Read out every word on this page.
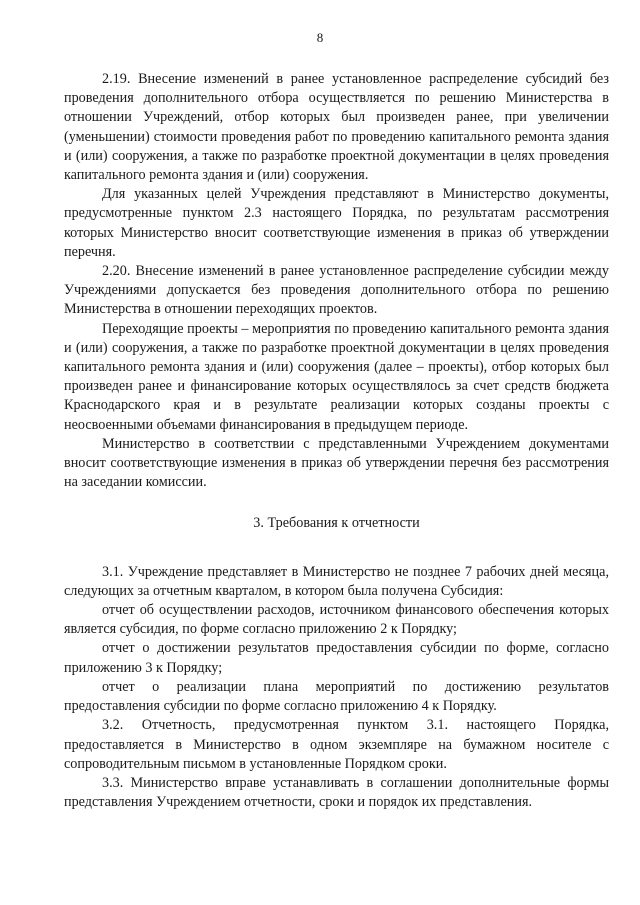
8

2.19. Внесение изменений в ранее установленное распределение субсидий без проведения дополнительного отбора осуществляется по решению Министерства в отношении Учреждений, отбор которых был произведен ранее, при увеличении (уменьшении) стоимости проведения работ по проведению капитального ремонта здания и (или) сооружения, а также по разработке проектной документации в целях проведения капитального ремонта здания и (или) сооружения.

Для указанных целей Учреждения представляют в Министерство документы, предусмотренные пунктом 2.3 настоящего Порядка, по результатам рассмотрения которых Министерство вносит соответствующие изменения в приказ об утверждении перечня.

2.20. Внесение изменений в ранее установленное распределение субсидии между Учреждениями допускается без проведения дополнительного отбора по решению Министерства в отношении переходящих проектов.

Переходящие проекты – мероприятия по проведению капитального ремонта здания и (или) сооружения, а также по разработке проектной документации в целях проведения капитального ремонта здания и (или) сооружения (далее – проекты), отбор которых был произведен ранее и финансирование которых осуществлялось за счет средств бюджета Краснодарского края и в результате реализации которых созданы проекты с неосвоенными объемами финансирования в предыдущем периоде.

Министерство в соответствии с представленными Учреждением документами вносит соответствующие изменения в приказ об утверждении перечня без рассмотрения на заседании комиссии.

3. Требования к отчетности

3.1. Учреждение представляет в Министерство не позднее 7 рабочих дней месяца, следующих за отчетным кварталом, в котором была получена Субсидия:

отчет об осуществлении расходов, источником финансового обеспечения которых является субсидия, по форме согласно приложению 2 к Порядку;

отчет о достижении результатов предоставления субсидии по форме, согласно приложению 3 к Порядку;

отчет о реализации плана мероприятий по достижению результатов предоставления субсидии по форме согласно приложению 4 к Порядку.

3.2. Отчетность, предусмотренная пунктом 3.1. настоящего Порядка, предоставляется в Министерство в одном экземпляре на бумажном носителе с сопроводительным письмом в установленные Порядком сроки.

3.3. Министерство вправе устанавливать в соглашении дополнительные формы представления Учреждением отчетности, сроки и порядок их представления.
